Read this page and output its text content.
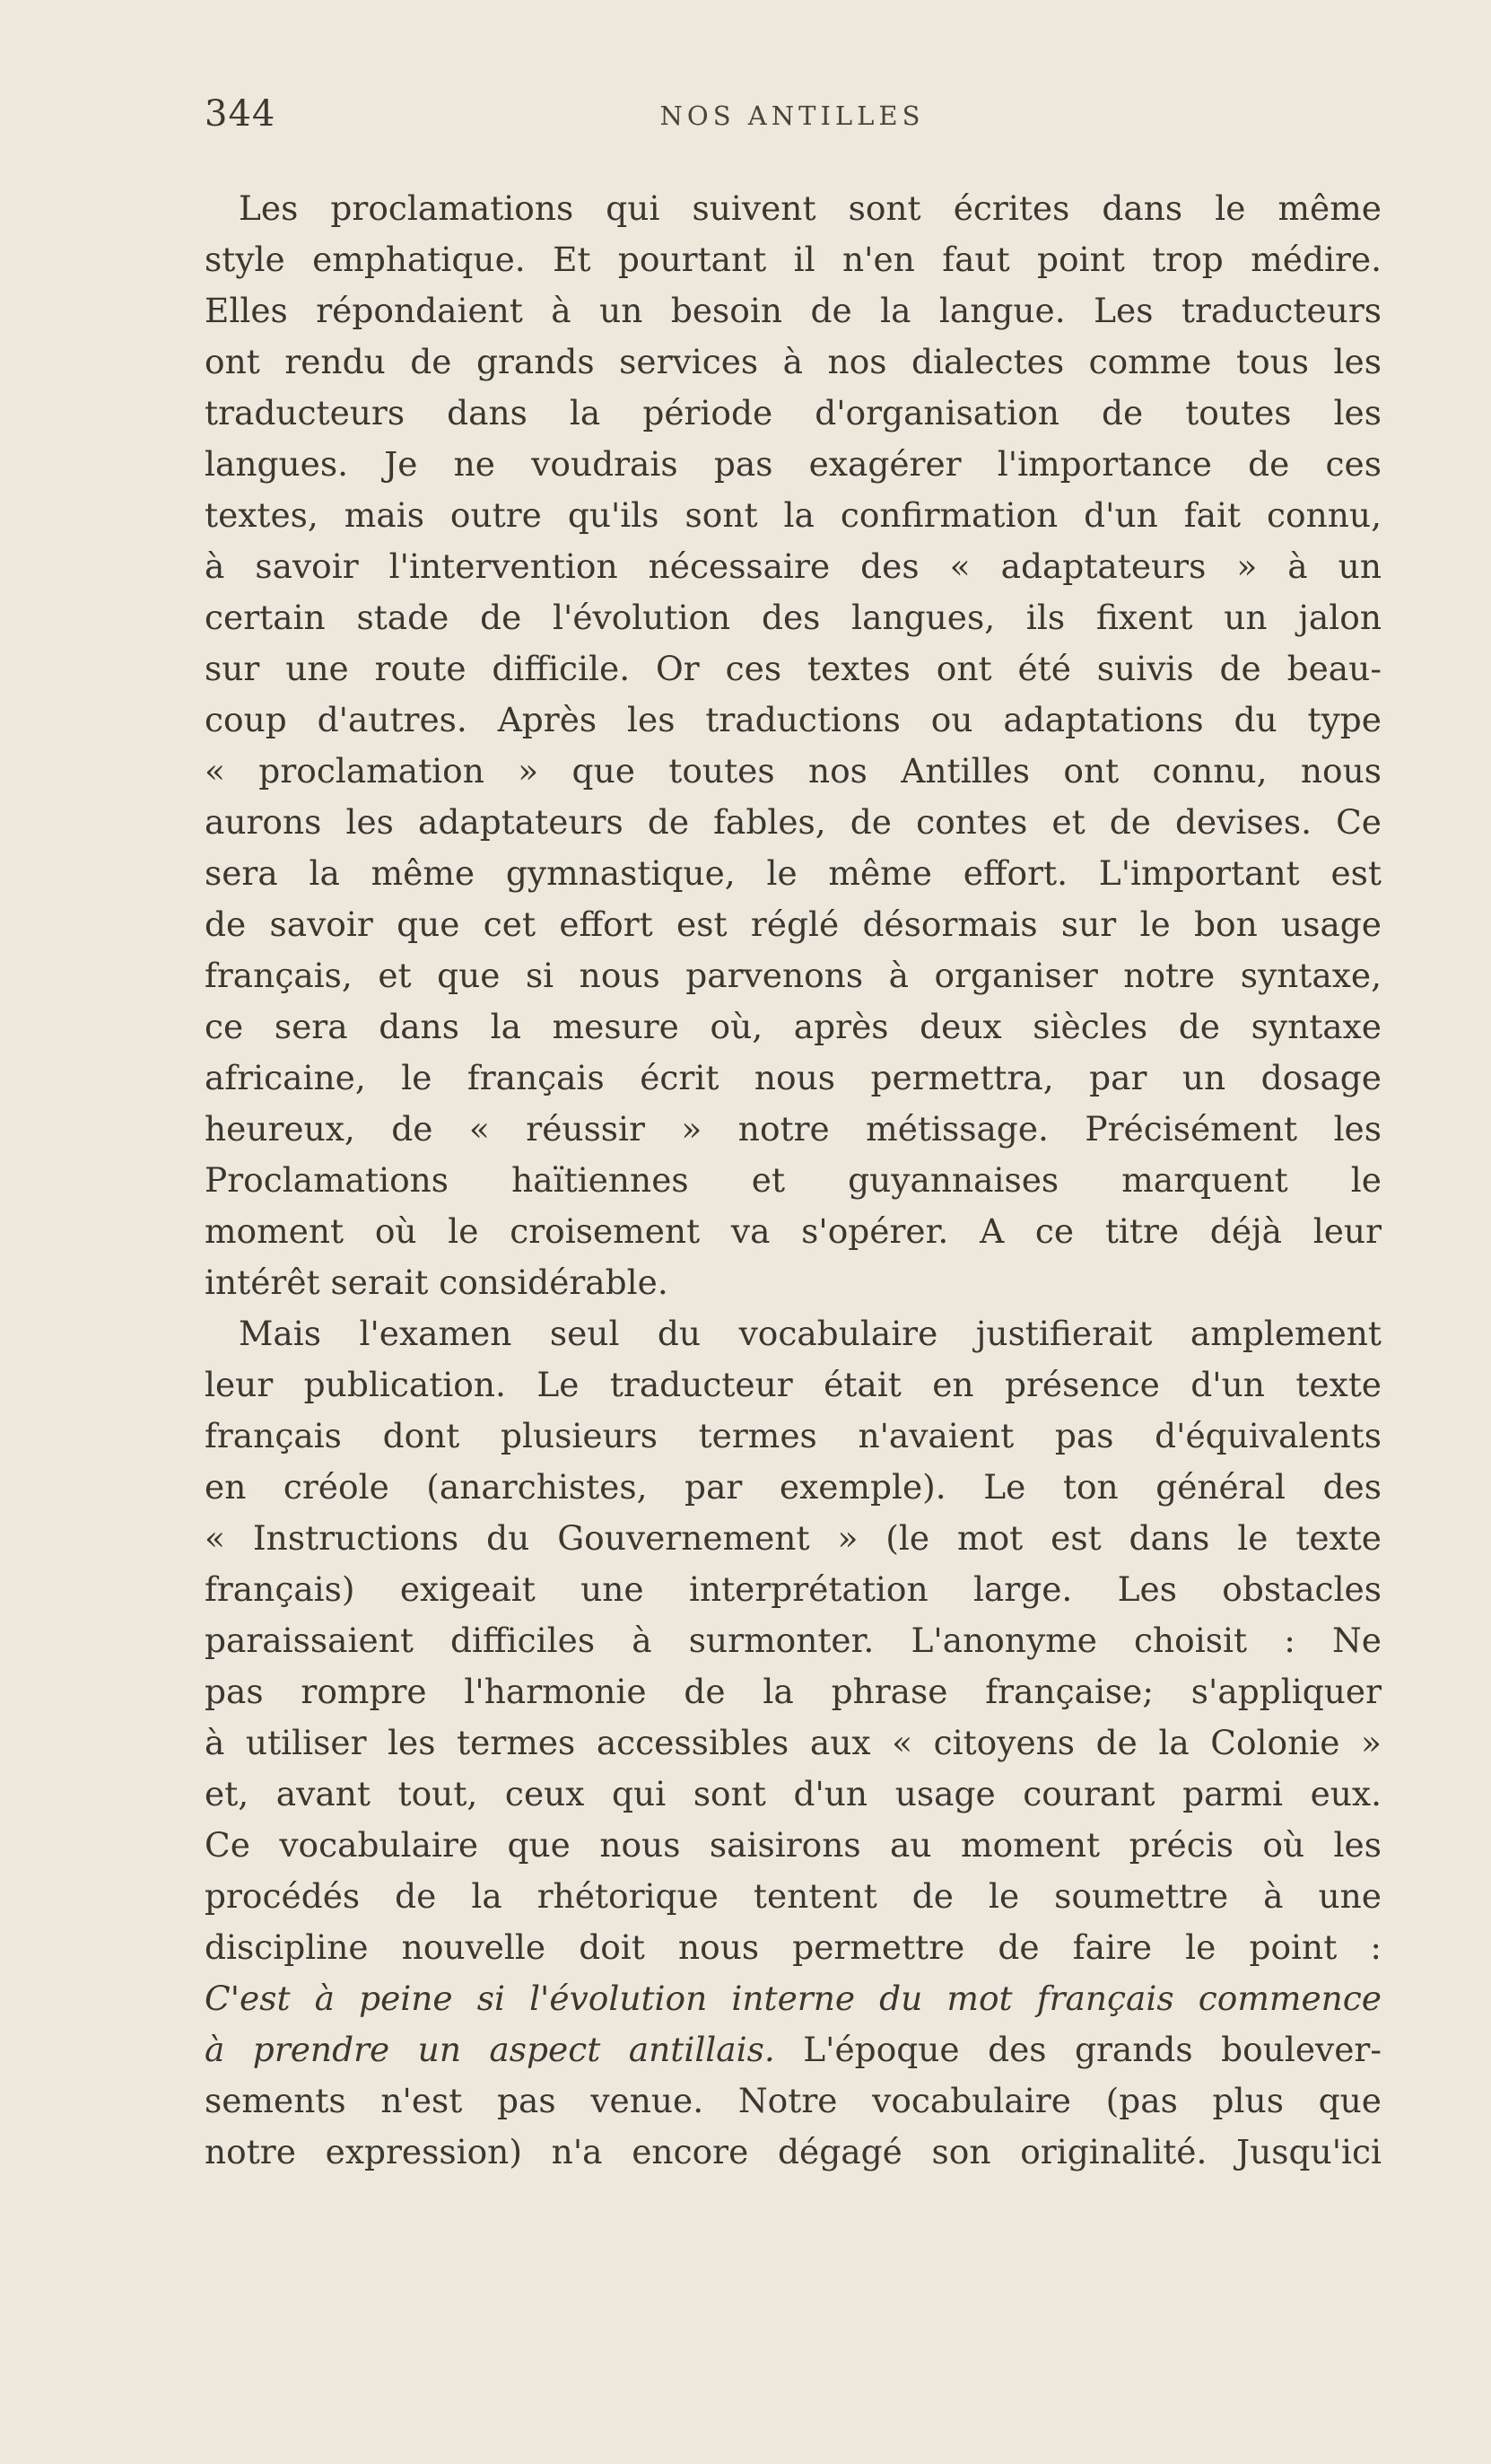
344	NOS ANTILLES
Les proclamations qui suivent sont écrites dans le même
style emphatique. Et pourtant il n'en faut point trop médire.
Elles répondaient à un besoin de la langue. Les traducteurs
ont rendu de grands services à nos dialectes comme tous les
traducteurs dans la période d'organisation de toutes les
langues. Je ne voudrais pas exagérer l'importance de ces
textes, mais outre qu'ils sont la confirmation d'un fait connu,
à savoir l'intervention nécessaire des « adaptateurs » à un
certain stade de l'évolution des langues, ils fixent un jalon
sur une route difficile. Or ces textes ont été suivis de beau-
coup d'autres. Après les traductions ou adaptations du type
« proclamation » que toutes nos Antilles ont connu, nous
aurons les adaptateurs de fables, de contes et de devises. Ce
sera la même gymnastique, le même effort. L'important est
de savoir que cet effort est réglé désormais sur le bon usage
français, et que si nous parvenons à organiser notre syntaxe,
ce sera dans la mesure où, après deux siècles de syntaxe
africaine, le français écrit nous permettra, par un dosage
heureux, de « réussir » notre métissage. Précisément les
Proclamations haïtiennes et guyannaises marquent le
moment où le croisement va s'opérer. A ce titre déjà leur
intérêt serait considérable.
Mais l'examen seul du vocabulaire justifierait amplement
leur publication. Le traducteur était en présence d'un texte
français dont plusieurs termes n'avaient pas d'équivalents
en créole (anarchistes, par exemple). Le ton général des
« Instructions du Gouvernement » (le mot est dans le texte
français) exigeait une interprétation large. Les obstacles
paraissaient difficiles à surmonter. L'anonyme choisit : Ne
pas rompre l'harmonie de la phrase française; s'appliquer
à utiliser les termes accessibles aux « citoyens de la Colonie »
et, avant tout, ceux qui sont d'un usage courant parmi eux.
Ce vocabulaire que nous saisirons au moment précis où les
procédés de la rhétorique tentent de le soumettre à une
discipline nouvelle doit nous permettre de faire le point :
C'est à peine si l'évolution interne du mot français commence
à prendre un aspect antillais. L'époque des grands boulever-
sements n'est pas venue. Notre vocabulaire (pas plus que
notre expression) n'a encore dégagé son originalité. Jusqu'ici
